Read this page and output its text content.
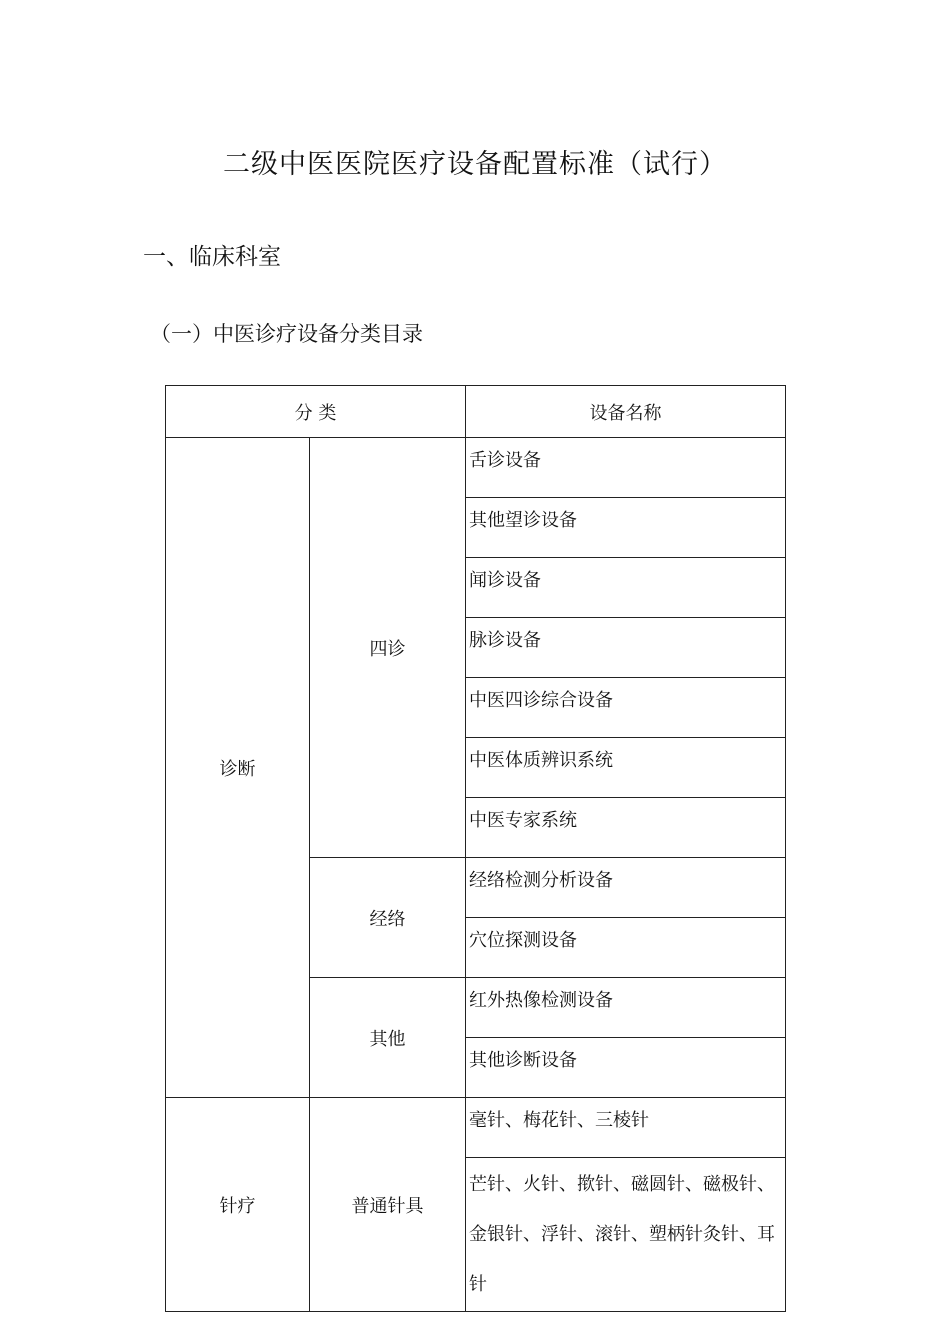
二级中医医院医疗设备配置标准（试行）
一、临床科室
（一）中医诊疗设备分类目录
分 类		设备名称
诊断	四诊	舌诊设备
		其他望诊设备
		闻诊设备
		脉诊设备
		中医四诊综合设备
		中医体质辨识系统
		中医专家系统
	经络	经络检测分析设备
		穴位探测设备
	其他	红外热像检测设备
		其他诊断设备
针疗	普通针具	毫针、梅花针、三棱针
		芒针、火针、揿针、磁圆针、磁极针、金银针、浮针、滚针、塑柄针灸针、耳针
